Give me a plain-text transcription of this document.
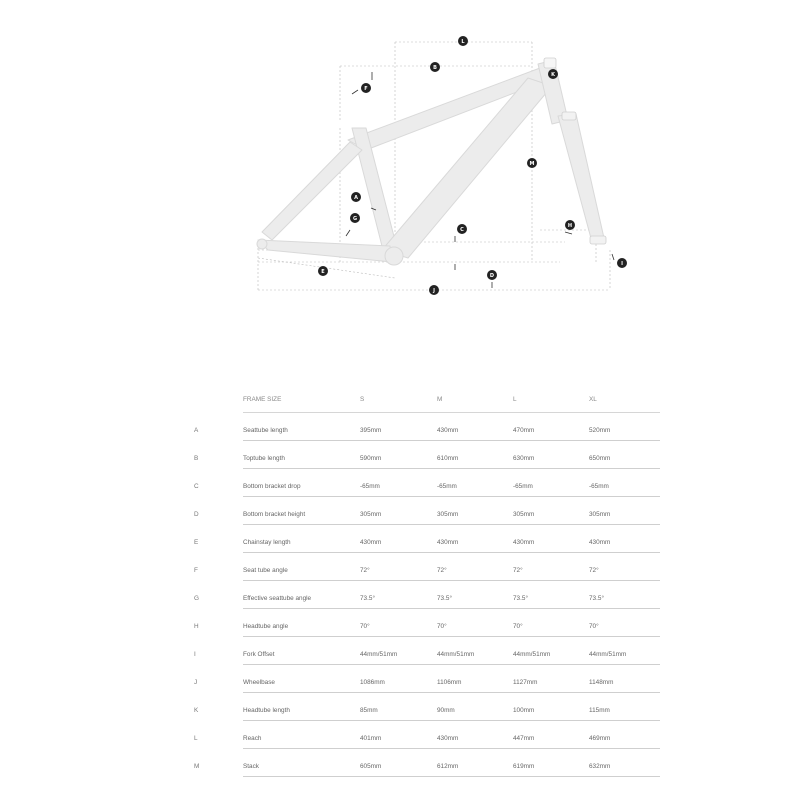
L
B
K
F
M
A
G
C
H
E
D
I
J
	FRAME SIZE	S	M	L	XL
A	Seattube length	395mm	430mm	470mm	520mm
B	Toptube length	590mm	610mm	630mm	650mm
C	Bottom bracket drop	-65mm	-65mm	-65mm	-65mm
D	Bottom bracket height	305mm	305mm	305mm	305mm
E	Chainstay length	430mm	430mm	430mm	430mm
F	Seat tube angle	72°	72°	72°	72°
G	Effective seattube angle	73.5°	73.5°	73.5°	73.5°
H	Headtube angle	70°	70°	70°	70°
I	Fork Offset	44mm/51mm	44mm/51mm	44mm/51mm	44mm/51mm
J	Wheelbase	1086mm	1106mm	1127mm	1148mm
K	Headtube length	85mm	90mm	100mm	115mm
L	Reach	401mm	430mm	447mm	469mm
M	Stack	605mm	612mm	619mm	632mm
